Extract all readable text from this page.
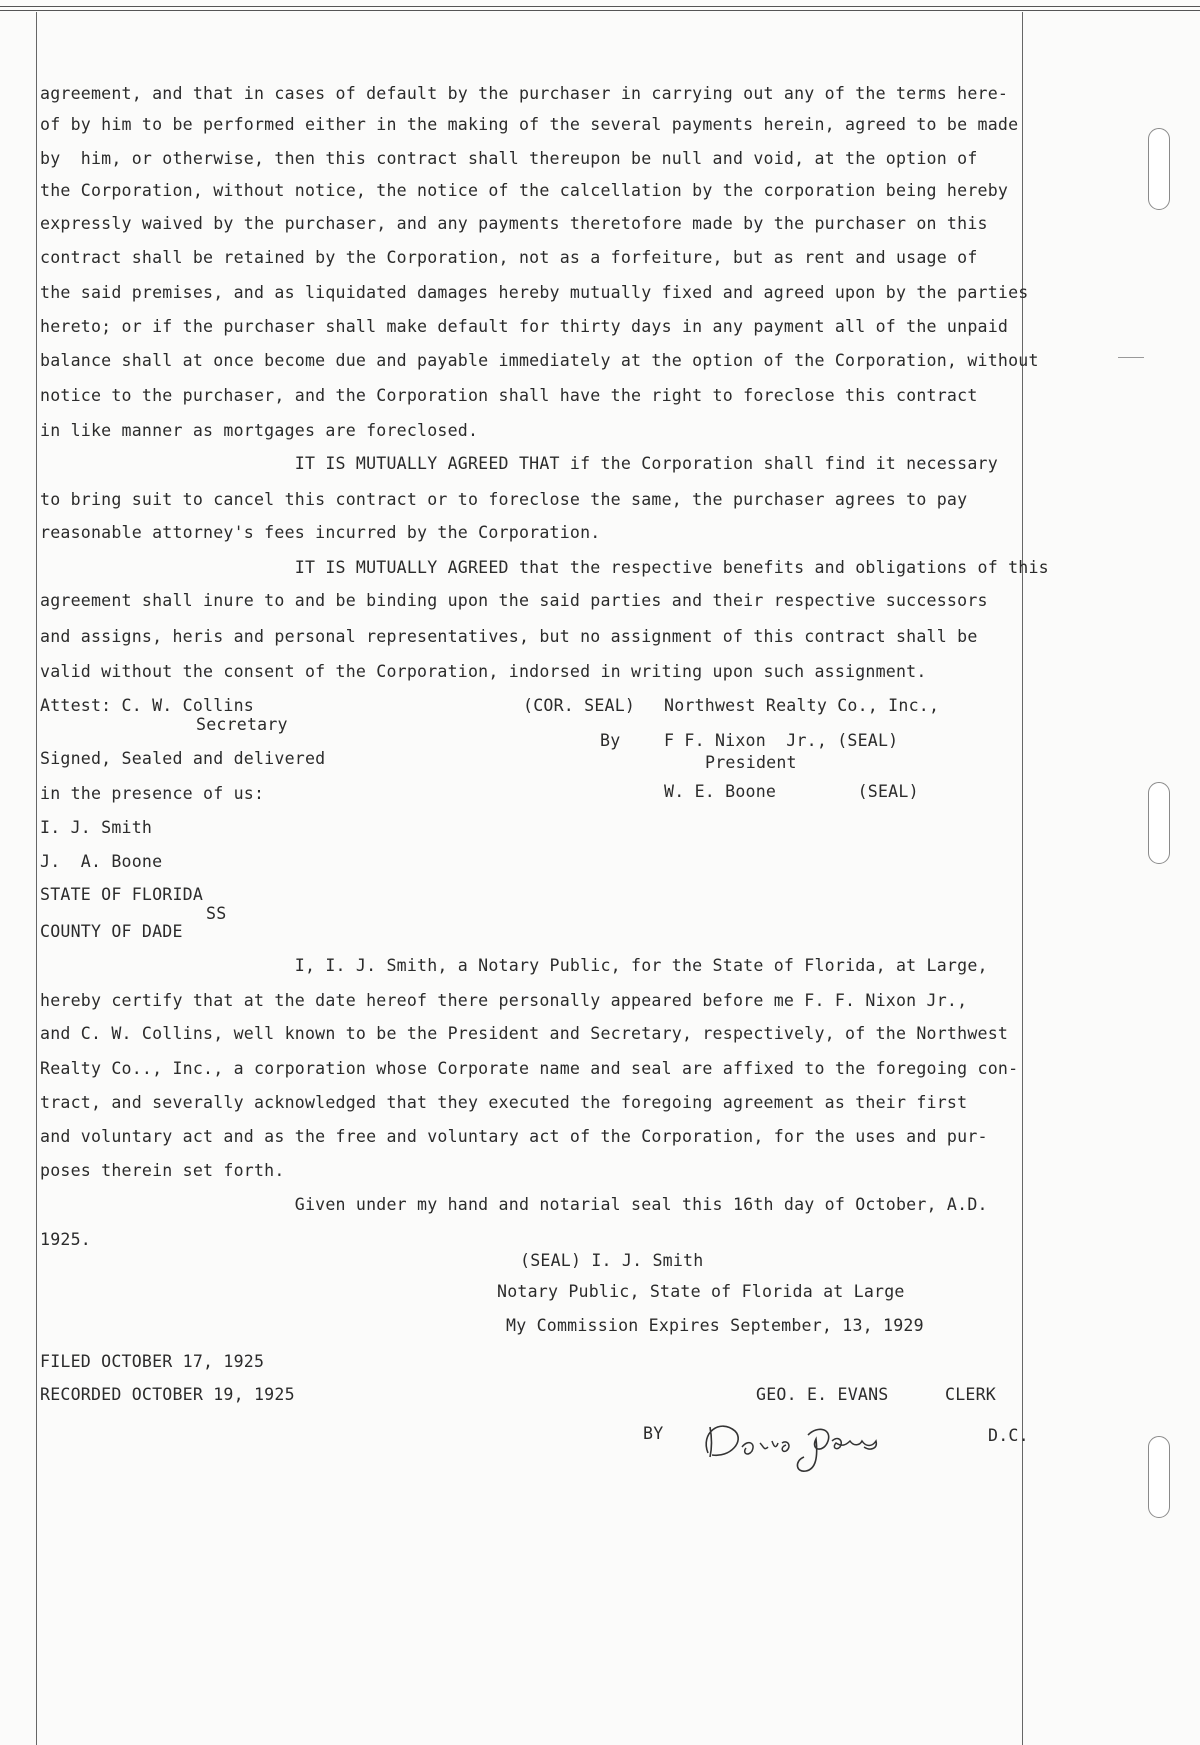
agreement, and that in cases of default by the purchaser in carrying out any of the terms here-
of by him to be performed either in the making of the several payments herein, agreed to be made
by  him, or otherwise, then this contract shall thereupon be null and void, at the option of
the Corporation, without notice, the notice of the calcellation by the corporation being hereby
expressly waived by the purchaser, and any payments theretofore made by the purchaser on this
contract shall be retained by the Corporation, not as a forfeiture, but as rent and usage of
the said premises, and as liquidated damages hereby mutually fixed and agreed upon by the parties
hereto; or if the purchaser shall make default for thirty days in any payment all of the unpaid
balance shall at once become due and payable immediately at the option of the Corporation, without
notice to the purchaser, and the Corporation shall have the right to foreclose this contract
in like manner as mortgages are foreclosed.
IT IS MUTUALLY AGREED THAT if the Corporation shall find it necessary
to bring suit to cancel this contract or to foreclose the same, the purchaser agrees to pay
reasonable attorney's fees incurred by the Corporation.
IT IS MUTUALLY AGREED that the respective benefits and obligations of this
agreement shall inure to and be binding upon the said parties and their respective successors
and assigns, heris and personal representatives, but no assignment of this contract shall be
valid without the consent of the Corporation, indorsed in writing upon such assignment.
Attest: C. W. Collins
Secretary
(COR. SEAL) Northwest Realty Co., Inc.,
By	F F. Nixon  Jr., (SEAL)
President
Signed, Sealed and delivered
in the presence of us:	W. E. Boone        (SEAL)
I. J. Smith
J.  A. Boone
STATE OF FLORIDA
SS
COUNTY OF DADE
I, I. J. Smith, a Notary Public, for the State of Florida, at Large,
hereby certify that at the date hereof there personally appeared before me F. F. Nixon Jr.,
and C. W. Collins, well known to be the President and Secretary, respectively, of the Northwest
Realty Co.., Inc., a corporation whose Corporate name and seal are affixed to the foregoing con-
tract, and severally acknowledged that they executed the foregoing agreement as their first
and voluntary act and as the free and voluntary act of the Corporation, for the uses and pur-
poses therein set forth.
Given under my hand and notarial seal this 16th day of October, A.D.
1925.
(SEAL) I. J. Smith
Notary Public, State of Florida at Large
My Commission Expires September, 13, 1929
FILED OCTOBER 17, 1925
RECORDED OCTOBER 19, 1925	GEO. E. EVANS	CLERK
BY	D.C.
